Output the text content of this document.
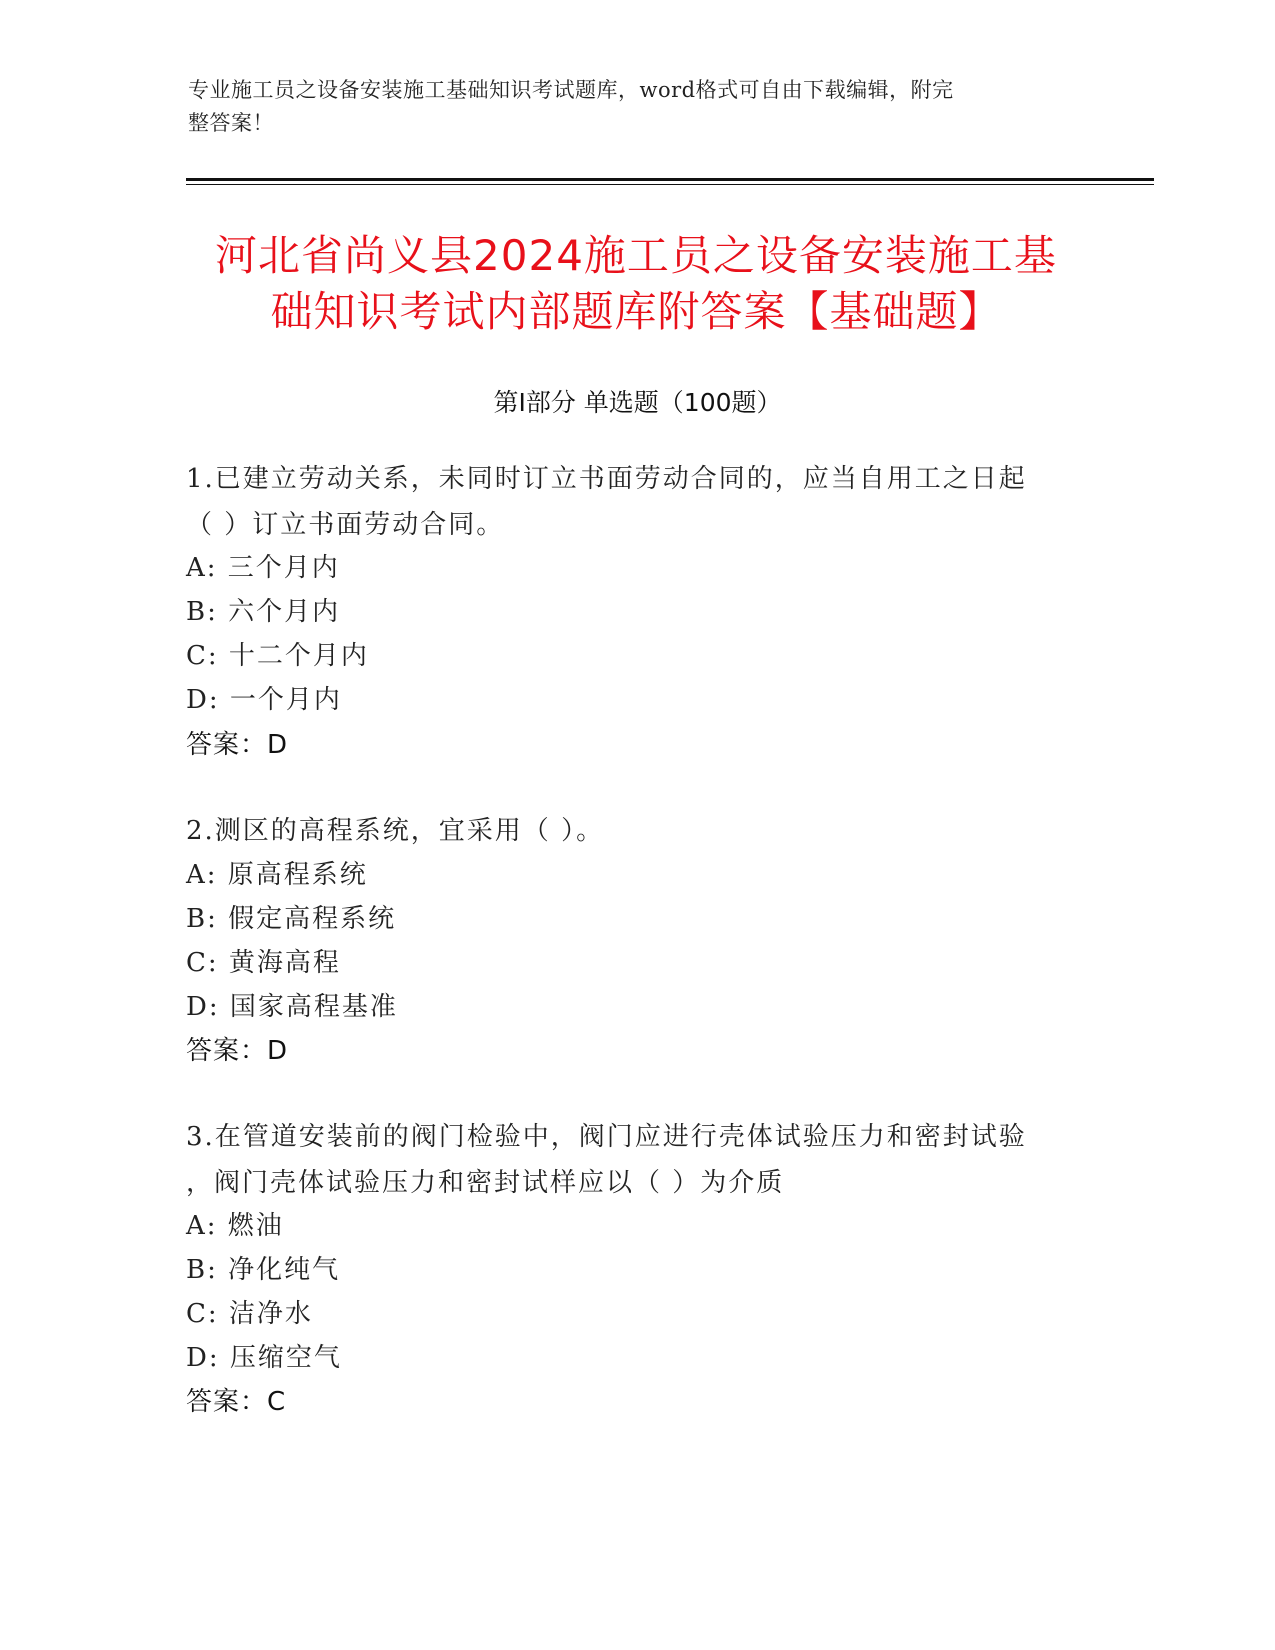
专业施工员之设备安装施工基础知识考试题库，word格式可自由下载编辑，附完
整答案！
河北省尚义县2024施工员之设备安装施工基
础知识考试内部题库附答案【基础题】
第Ⅰ部分 单选题（100题）
1.已建立劳动关系，未同时订立书面劳动合同的，应当自用工之日起
（ ）订立书面劳动合同。
A: 三个月内
B: 六个月内
C: 十二个月内
D: 一个月内
答案：D
2.测区的高程系统，宜采用（ ）。
A: 原高程系统
B: 假定高程系统
C: 黄海高程
D: 国家高程基准
答案：D
3.在管道安装前的阀门检验中，阀门应进行壳体试验压力和密封试验
，阀门壳体试验压力和密封试样应以（ ）为介质
A: 燃油
B: 净化纯气
C: 洁净水
D: 压缩空气
答案：C
